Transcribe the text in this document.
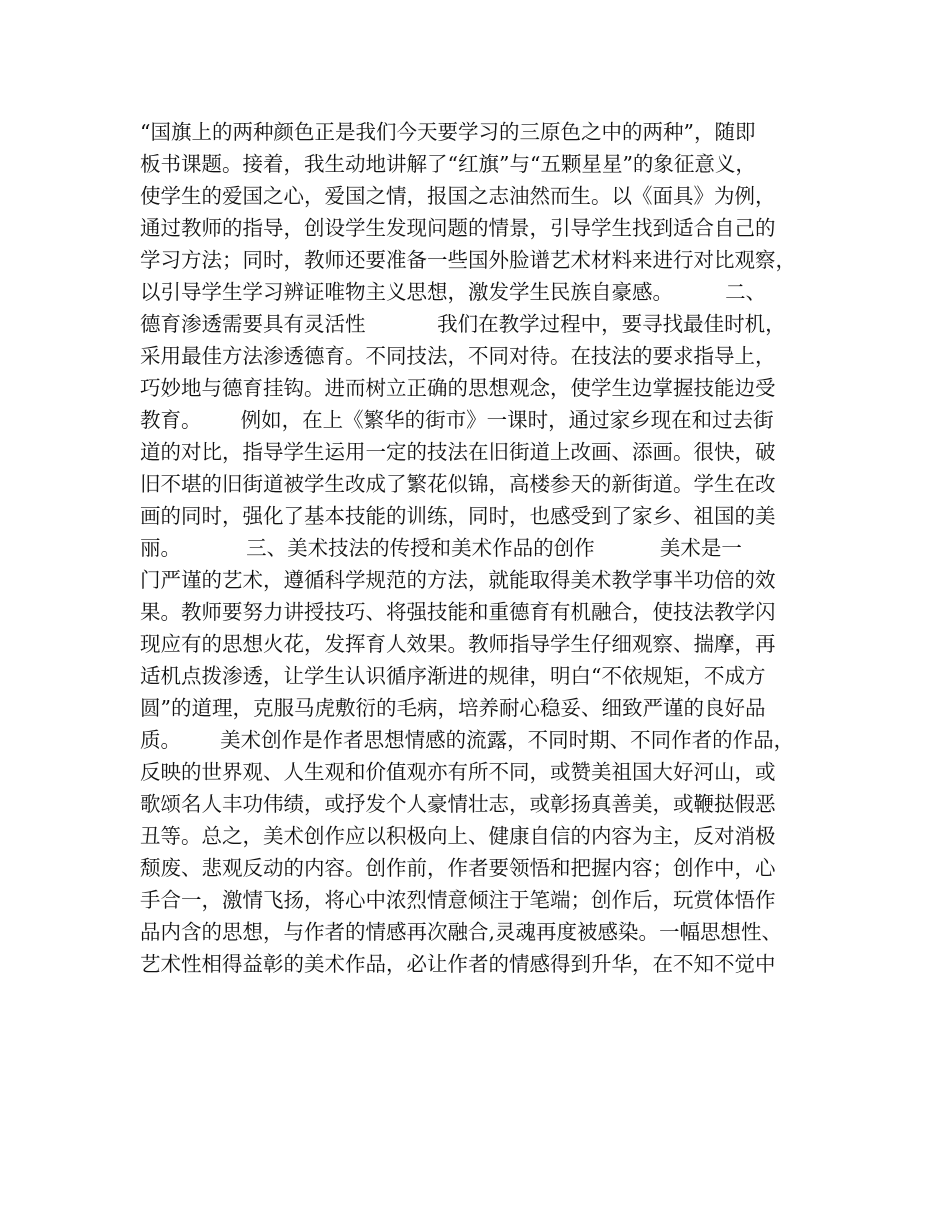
“国旗上的两种颜色正是我们今天要学习的三原色之中的两种”，随即
板书课题。接着，我生动地讲解了“红旗”与“五颗星星”的象征意义，
使学生的爱国之心，爱国之情，报国之志油然而生。以《面具》为例，
通过教师的指导，创设学生发现问题的情景，引导学生找到适合自己的
学习方法；同时，教师还要准备一些国外脸谱艺术材料来进行对比观察，
以引导学生学习辨证唯物主义思想，激发学生民族自豪感。        二、
德育渗透需要具有灵活性           我们在教学过程中，要寻找最佳时机，
采用最佳方法渗透德育。不同技法，不同对待。在技法的要求指导上，
巧妙地与德育挂钩。进而树立正确的思想观念，使学生边掌握技能边受
教育。      例如，在上《繁华的街市》一课时，通过家乡现在和过去街
道的对比，指导学生运用一定的技法在旧街道上改画、添画。很快，破
旧不堪的旧街道被学生改成了繁花似锦，高楼参天的新街道。学生在改
画的同时，强化了基本技能的训练，同时，也感受到了家乡、祖国的美
丽。          三、美术技法的传授和美术作品的创作          美术是一
门严谨的艺术，遵循科学规范的方法，就能取得美术教学事半功倍的效
果。教师要努力讲授技巧、将强技能和重德育有机融合，使技法教学闪
现应有的思想火花，发挥育人效果。教师指导学生仔细观察、揣摩，再
适机点拨渗透，让学生认识循序渐进的规律，明白“不依规矩，不成方
圆”的道理，克服马虎敷衍的毛病，培养耐心稳妥、细致严谨的良好品
质。      美术创作是作者思想情感的流露，不同时期、不同作者的作品，
反映的世界观、人生观和价值观亦有所不同，或赞美祖国大好河山，或
歌颂名人丰功伟绩，或抒发个人豪情壮志，或彰扬真善美，或鞭挞假恶
丑等。总之，美术创作应以积极向上、健康自信的内容为主，反对消极
颓废、悲观反动的内容。创作前，作者要领悟和把握内容；创作中，心
手合一，激情飞扬，将心中浓烈情意倾注于笔端；创作后，玩赏体悟作
品内含的思想，与作者的情感再次融合,灵魂再度被感染。一幅思想性、
艺术性相得益彰的美术作品，必让作者的情感得到升华，在不知不觉中
